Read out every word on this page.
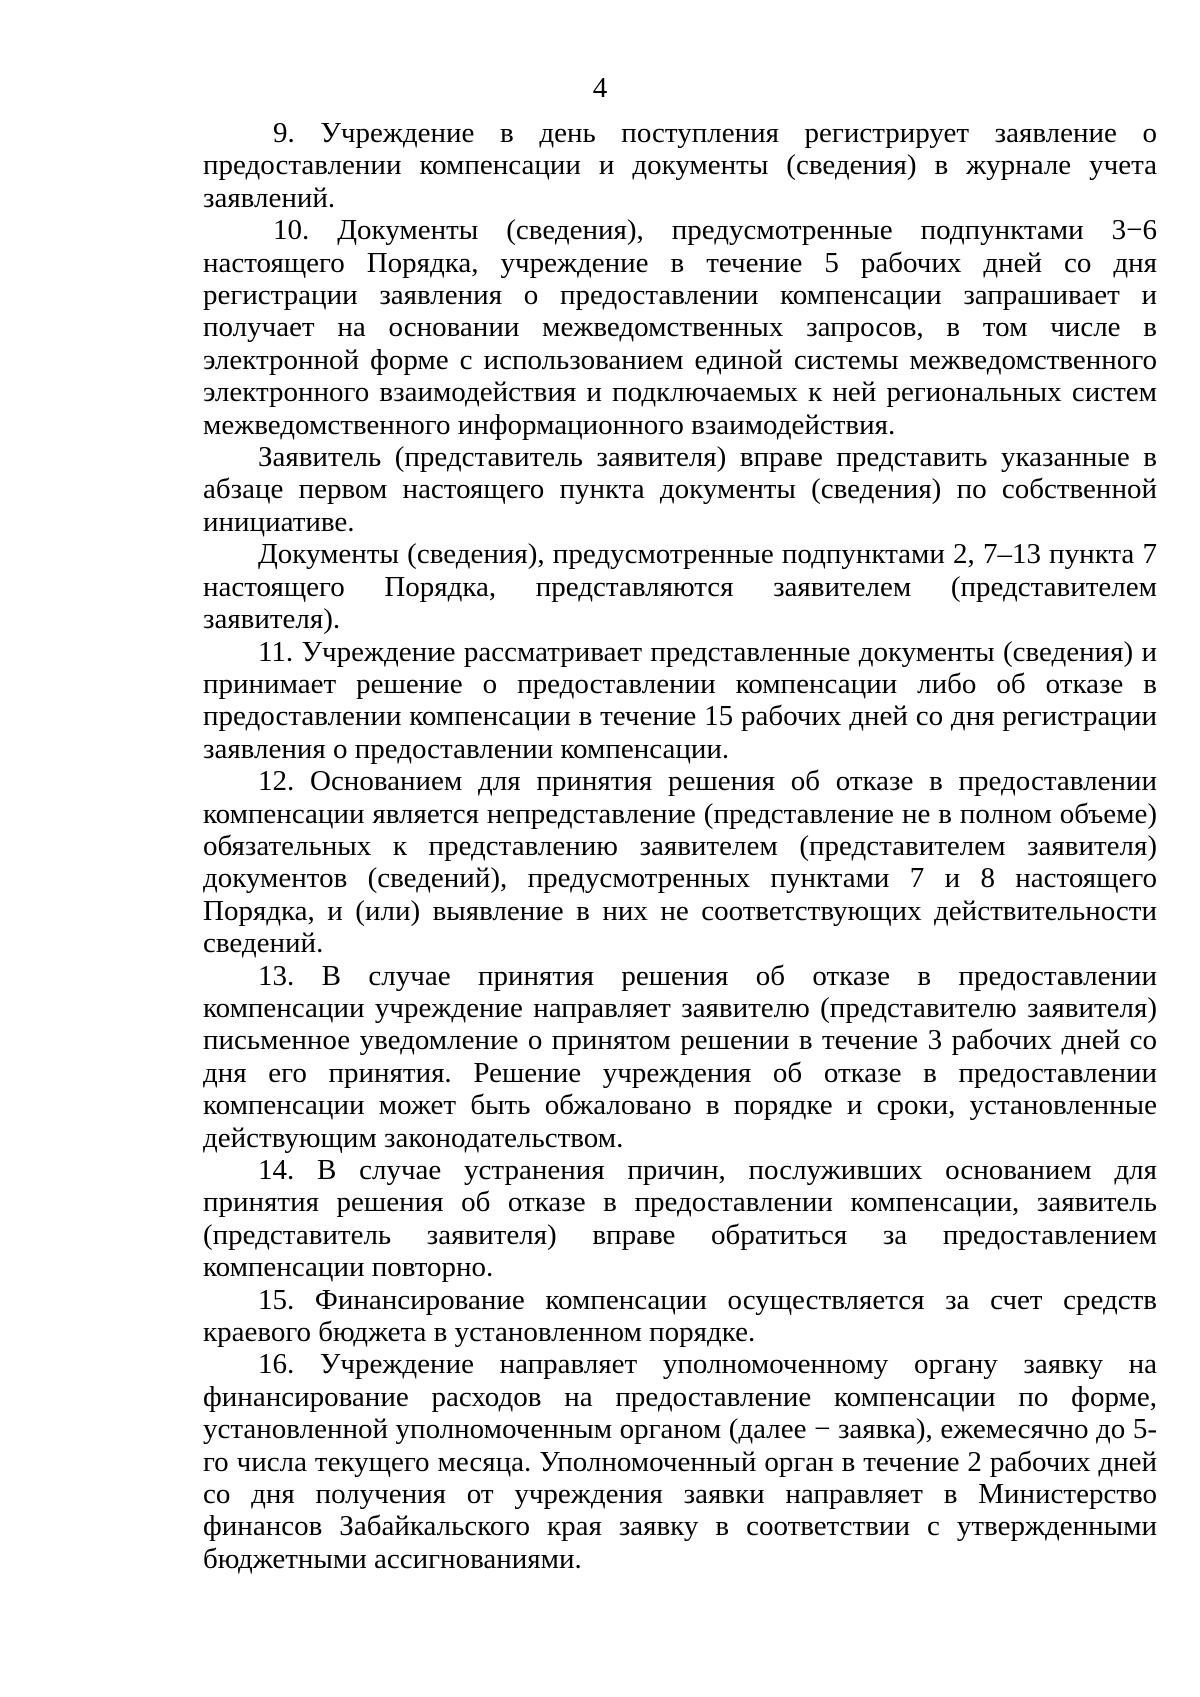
4

9. Учреждение в день поступления регистрирует заявление о предоставлении компенсации и документы (сведения) в журнале учета заявлений.

10. Документы (сведения), предусмотренные подпунктами 3−6 настоящего Порядка, учреждение в течение 5 рабочих дней со дня регистрации заявления о предоставлении компенсации запрашивает и получает на основании межведомственных запросов, в том числе в электронной форме с использованием единой системы межведомственного электронного взаимодействия и подключаемых к ней региональных систем межведомственного информационного взаимодействия.

Заявитель (представитель заявителя) вправе представить указанные в абзаце первом настоящего пункта документы (сведения) по собственной инициативе.

Документы (сведения), предусмотренные подпунктами 2, 7–13 пункта 7 настоящего Порядка, представляются заявителем (представителем заявителя).

11. Учреждение рассматривает представленные документы (сведения) и принимает решение о предоставлении компенсации либо об отказе в предоставлении компенсации в течение 15 рабочих дней со дня регистрации заявления о предоставлении компенсации.

12. Основанием для принятия решения об отказе в предоставлении компенсации является непредставление (представление не в полном объеме) обязательных к представлению заявителем (представителем заявителя) документов (сведений), предусмотренных пунктами 7 и 8 настоящего Порядка, и (или) выявление в них не соответствующих действительности сведений.

13. В случае принятия решения об отказе в предоставлении компенсации учреждение направляет заявителю (представителю заявителя) письменное уведомление о принятом решении в течение 3 рабочих дней со дня его принятия. Решение учреждения об отказе в предоставлении компенсации может быть обжаловано в порядке и сроки, установленные действующим законодательством.

14. В случае устранения причин, послуживших основанием для принятия решения об отказе в предоставлении компенсации, заявитель (представитель заявителя) вправе обратиться за предоставлением компенсации повторно.

15. Финансирование компенсации осуществляется за счет средств краевого бюджета в установленном порядке.

16. Учреждение направляет уполномоченному органу заявку на финансирование расходов на предоставление компенсации по форме, установленной уполномоченным органом (далее − заявка), ежемесячно до 5-го числа текущего месяца. Уполномоченный орган в течение 2 рабочих дней со дня получения от учреждения заявки направляет в Министерство финансов Забайкальского края заявку в соответствии с утвержденными бюджетными ассигнованиями.
